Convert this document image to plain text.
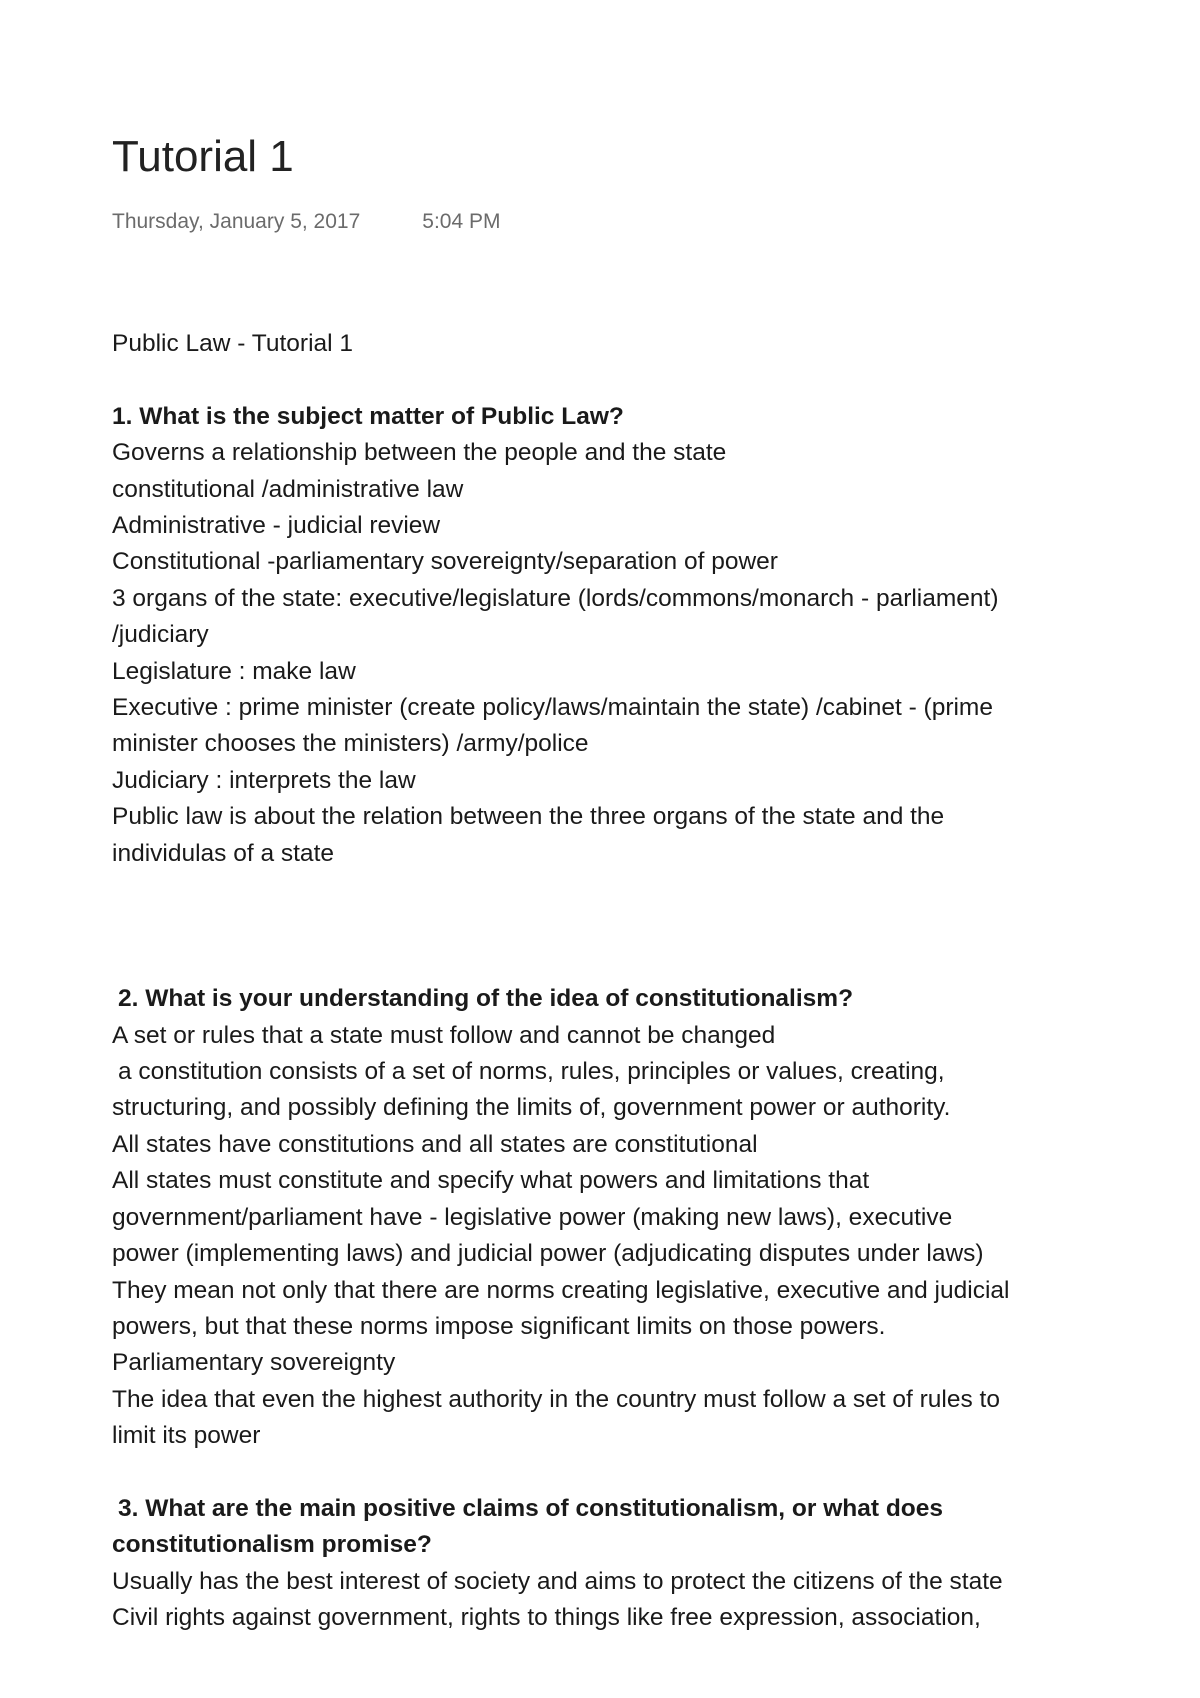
Tutorial 1
Thursday, January 5, 2017	5:04 PM
Public Law - Tutorial 1
1. What is the subject matter of Public Law?
Governs a relationship between the people and the state
constitutional /administrative law
Administrative - judicial review
Constitutional -parliamentary sovereignty/separation of power
3 organs of the state: executive/legislature (lords/commons/monarch - parliament)
/judiciary
Legislature : make law
Executive : prime minister (create policy/laws/maintain the state) /cabinet - (prime
minister chooses the ministers) /army/police
Judiciary : interprets the law
Public law is about the relation between the three organs of the state and the
individulas of a state
2. What is your understanding of the idea of constitutionalism?
A set or rules that a state must follow and cannot be changed
a constitution consists of a set of norms, rules, principles or values, creating,
structuring, and possibly defining the limits of, government power or authority.
All states have constitutions and all states are constitutional
All states must constitute and specify what powers and limitations that
government/parliament have - legislative power (making new laws), executive
power (implementing laws) and judicial power (adjudicating disputes under laws)
They mean not only that there are norms creating legislative, executive and judicial
powers, but that these norms impose significant limits on those powers.
Parliamentary sovereignty
The idea that even the highest authority in the country must follow a set of rules to
limit its power
3. What are the main positive claims of constitutionalism, or what does
constitutionalism promise?
Usually has the best interest of society and aims to protect the citizens of the state
Civil rights against government, rights to things like free expression, association,
